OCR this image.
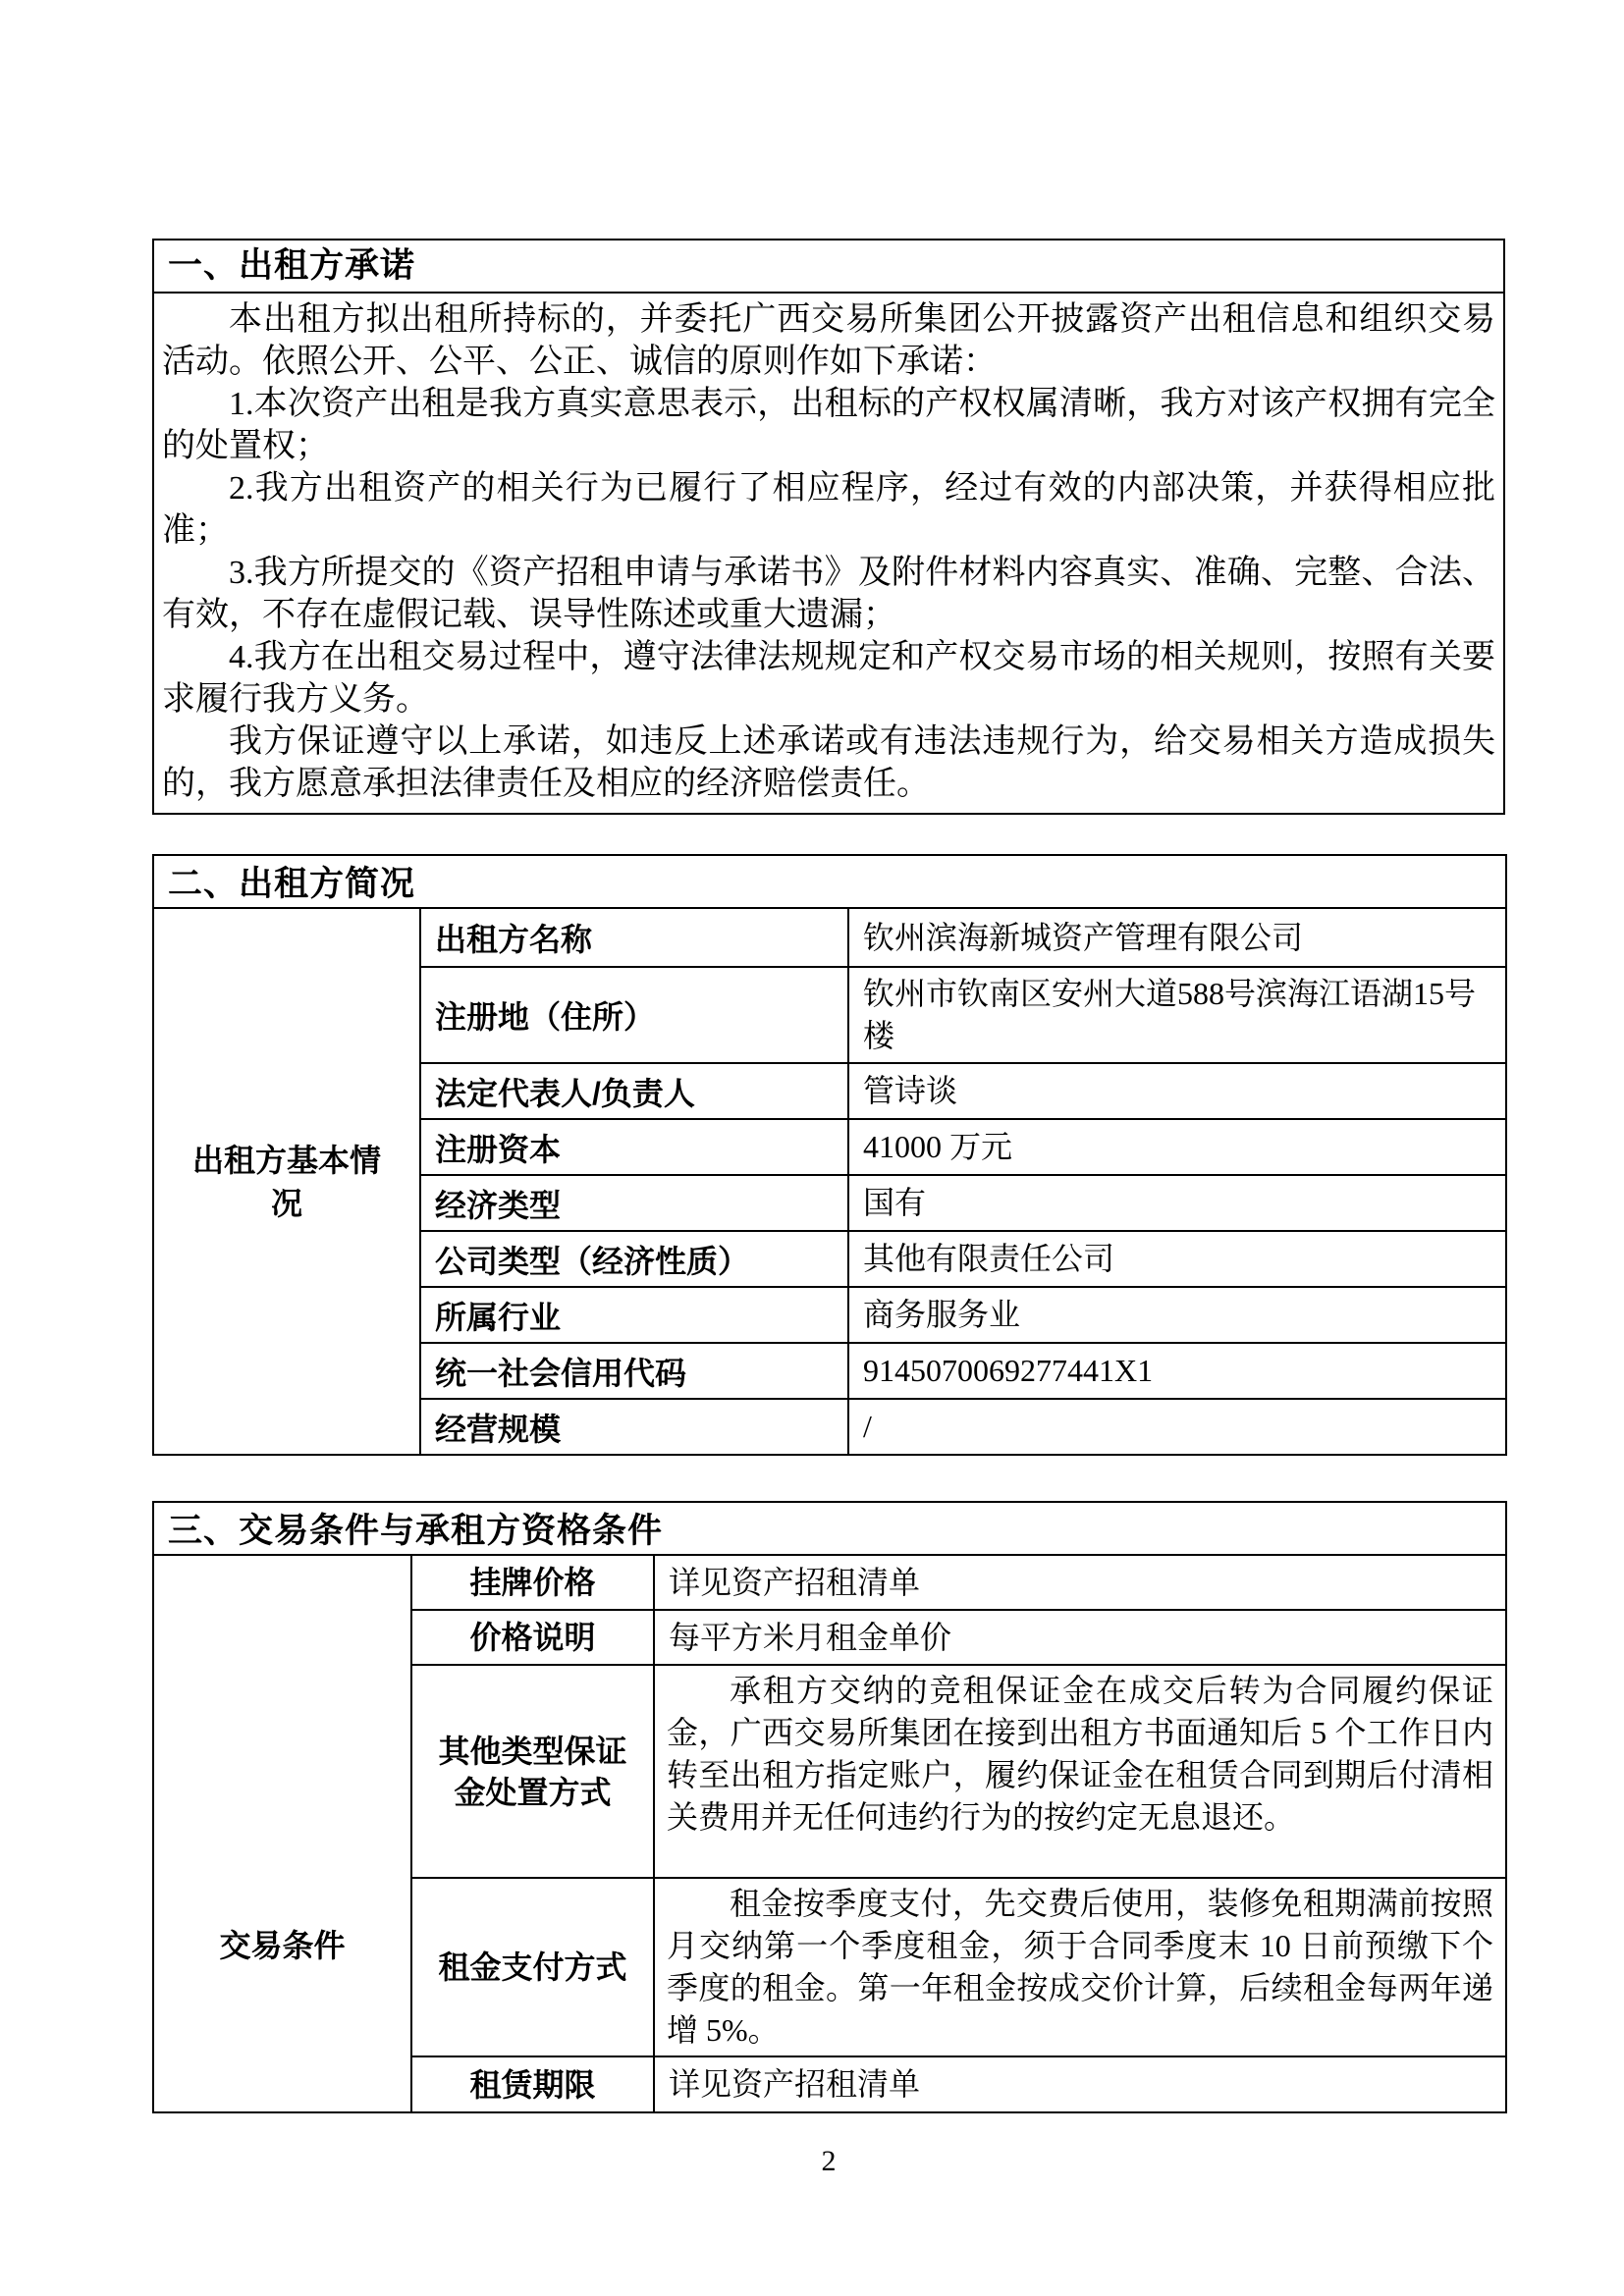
一、出租方承诺

本出租方拟出租所持标的，并委托广西交易所集团公开披露资产出租信息和组织交易活动。依照公开、公平、公正、诚信的原则作如下承诺：

1.本次资产出租是我方真实意思表示，出租标的产权权属清晰，我方对该产权拥有完全的处置权；

2.我方出租资产的相关行为已履行了相应程序，经过有效的内部决策，并获得相应批准；

3.我方所提交的《资产招租申请与承诺书》及附件材料内容真实、准确、完整、合法、有效，不存在虚假记载、误导性陈述或重大遗漏；

4.我方在出租交易过程中，遵守法律法规规定和产权交易市场的相关规则，按照有关要求履行我方义务。

我方保证遵守以上承诺，如违反上述承诺或有违法违规行为，给交易相关方造成损失的，我方愿意承担法律责任及相应的经济赔偿责任。

二、出租方简况		
出租方基本情况	出租方名称	钦州滨海新城资产管理有限公司
	注册地（住所）	钦州市钦南区安州大道588号滨海江语湖15号楼
	法定代表人/负责人	管诗谈
	注册资本	41000 万元
	经济类型	国有
	公司类型（经济性质）	其他有限责任公司
	所属行业	商务服务业
	统一社会信用代码	9145070069277441X1
	经营规模	/
三、交易条件与承租方资格条件		
交易条件	挂牌价格	详见资产招租清单
	价格说明	每平方米月租金单价
	其他类型保证金处置方式	承租方交纳的竞租保证金在成交后转为合同履约保证金，广西交易所集团在接到出租方书面通知后 5 个工作日内转至出租方指定账户，履约保证金在租赁合同到期后付清相关费用并无任何违约行为的按约定无息退还。
	租金支付方式	租金按季度支付，先交费后使用，装修免租期满前按照月交纳第一个季度租金，须于合同季度末 10 日前预缴下个季度的租金。第一年租金按成交价计算，后续租金每两年递增 5%。
	租赁期限	详见资产招租清单
2
